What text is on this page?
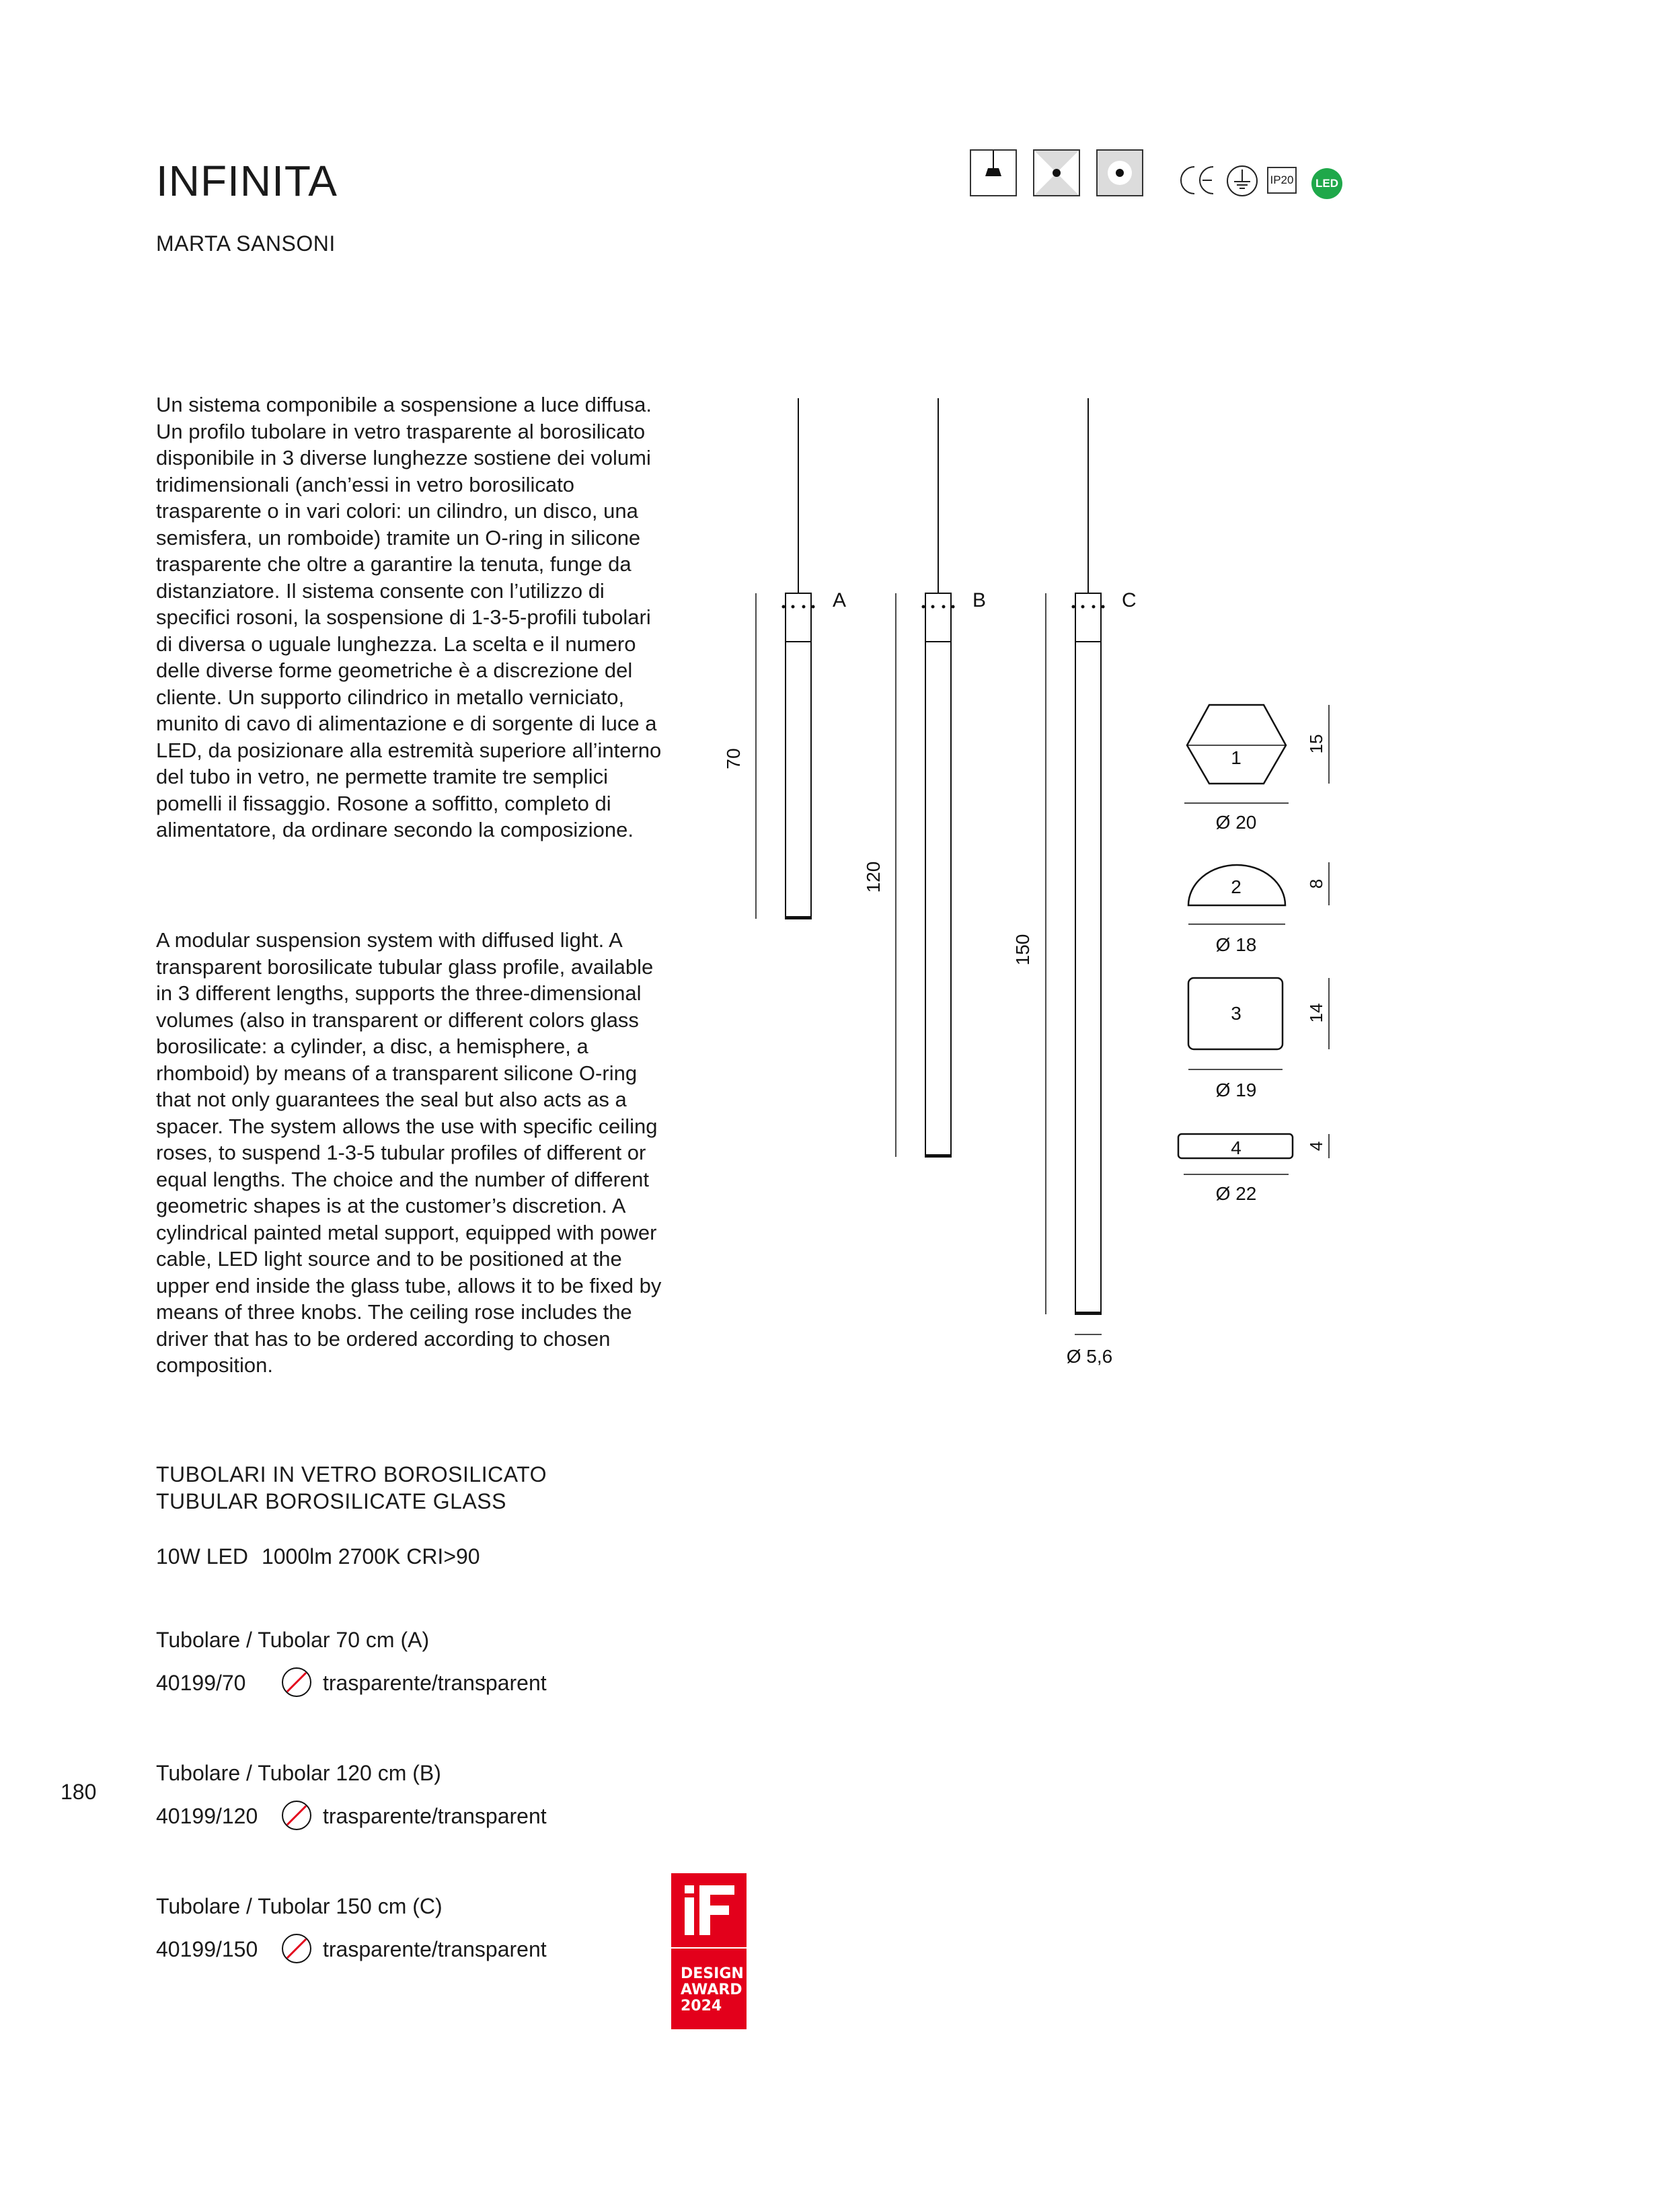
INFINITA
MARTA SANSONI
IP20	LED

Un sistema componibile a sospensione a luce diffusa. Un profilo tubolare in vetro trasparente al borosilicato disponibile in 3 diverse lunghezze sostiene dei volumi tridimensionali (anch’essi in vetro borosilicato trasparente o in vari colori: un cilindro, un disco, una semisfera, un romboide) tramite un O-ring in silicone trasparente che oltre a garantire la tenuta, funge da distanziatore. Il sistema consente con l’utilizzo di specifici rosoni, la sospensione di 1-3-5-profili tubolari di diversa o uguale lunghezza. La scelta e il numero delle diverse forme geometriche è a discrezione del cliente. Un supporto cilindrico in metallo verniciato, munito di cavo di alimentazione e di sorgente di luce a LED, da posizionare alla estremità superiore all’interno del tubo in vetro, ne permette tramite tre semplici pomelli il fissaggio. Rosone a soffitto, completo di alimentatore, da ordinare secondo la composizione.

A modular suspension system with diffused light. A transparent borosilicate tubular glass profile, available in 3 different lengths, supports the three-dimensional volumes (also in transparent or different colors glass borosilicate: a cylinder, a disc, a hemisphere, a rhomboid) by means of a transparent silicone O-ring that not only guarantees the seal but also acts as a spacer. The system allows the use with specific ceiling roses, to suspend 1-3-5 tubular profiles of different or equal lengths. The choice and the number of different geometric shapes is at the customer’s discretion. A cylindrical painted metal support, equipped with power cable, LED light source and to be positioned at the upper end inside the glass tube, allows it to be fixed by means of three knobs. The ceiling rose includes the driver that has to be ordered according to chosen composition.

A
70
B
120
C
150
Ø 5,6
1
Ø 20
15
2
Ø 18
8
3
Ø 19
14
4
Ø 22
4
TUBOLARI IN VETRO BOROSILICATO
TUBULAR BOROSILICATE GLASS
10W LED 1000lm 2700K CRI>90
Tubolare / Tubolar 70 cm (A)
40199/70	trasparente/transparent
Tubolare / Tubolar 120 cm (B)
40199/120	trasparente/transparent
Tubolare / Tubolar 150 cm (C)
40199/150	trasparente/transparent
180
DESIGN
AWARD
2024
